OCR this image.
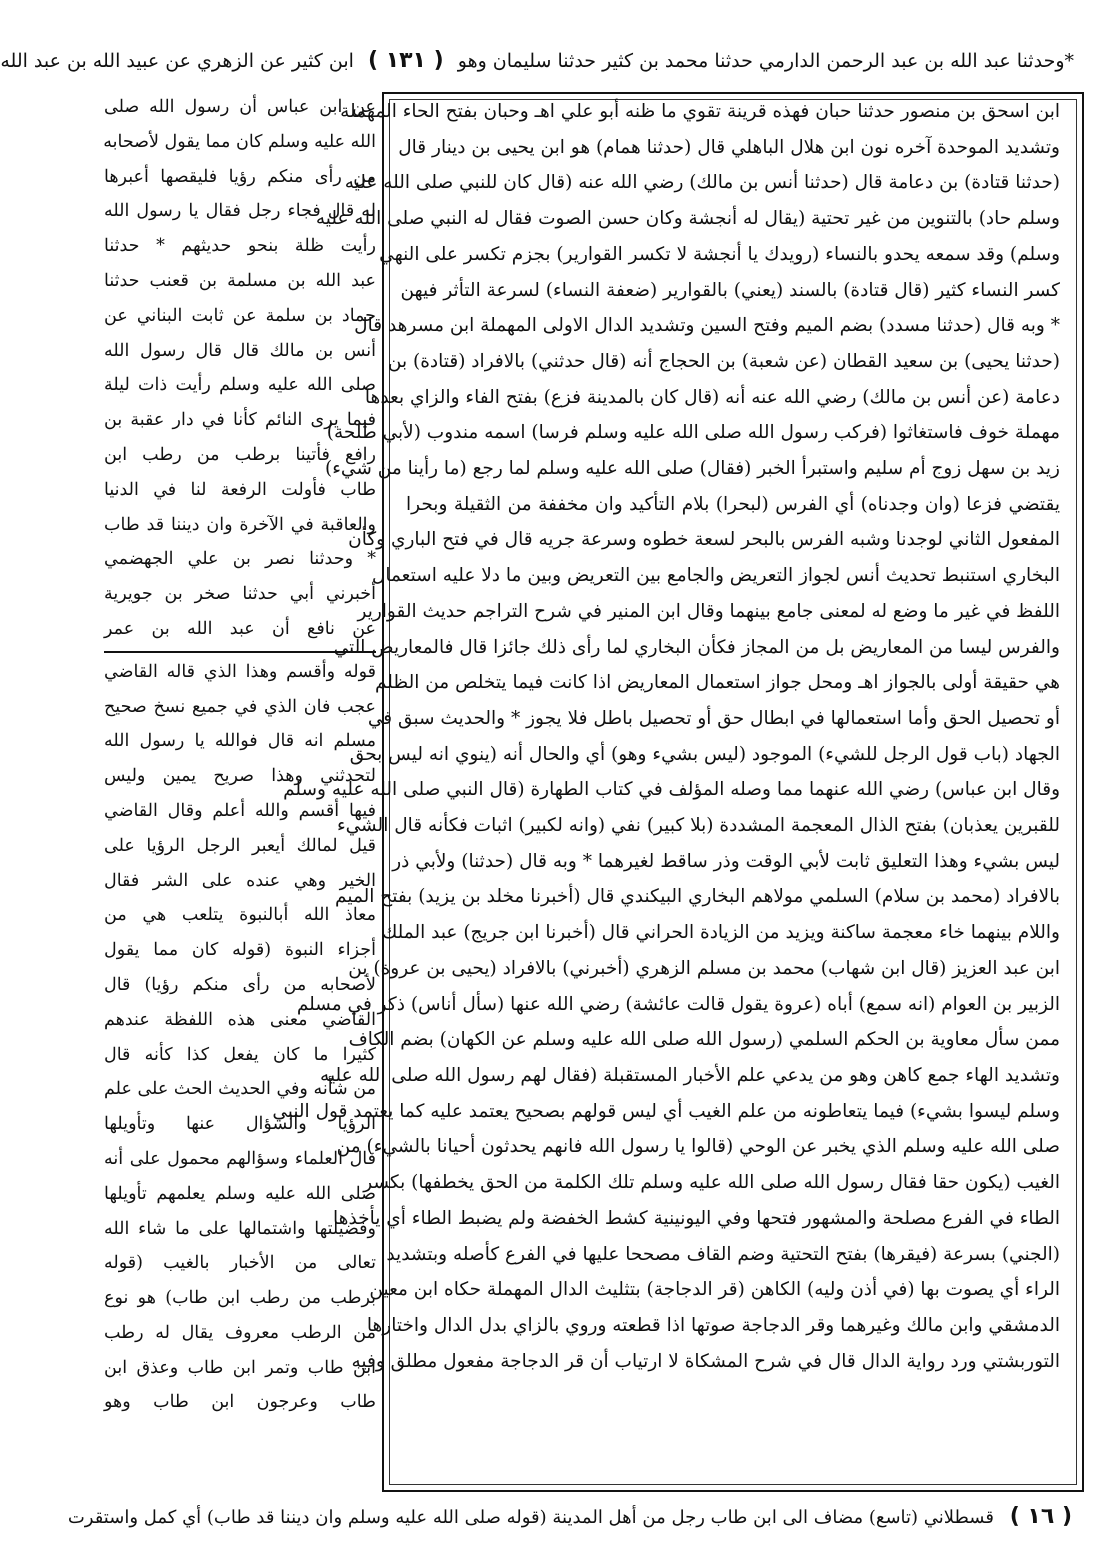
*وحدثنا عبد الله بن عبد الرحمن الدارمي حدثنا محمد بن كثير حدثنا سليمان وهو ( ١٣١ ) ابن كثير عن الزهري عن عبيد الله بن عبد الله
ابن اسحق بن منصور حدثنا حبان فهذه قرينة تقوي ما ظنه أبو علي اهـ وحبان بفتح الحاء المهملة
وتشديد الموحدة آخره نون ابن هلال الباهلي قال (حدثنا همام) هو ابن يحيى بن دينار قال
(حدثنا قتادة) بن دعامة قال (حدثنا أنس بن مالك) رضي الله عنه (قال كان للنبي صلى الله عليه
وسلم حاد) بالتنوين من غير تحتية (يقال له أنجشة وكان حسن الصوت فقال له النبي صلى الله عليه
وسلم) وقد سمعه يحدو بالنساء (رويدك يا أنجشة لا تكسر القوارير) بجزم تكسر على النهي
كسر النساء كثير (قال قتادة) بالسند (يعني) بالقوارير (ضعفة النساء) لسرعة التأثر فيهن
* وبه قال (حدثنا مسدد) بضم الميم وفتح السين وتشديد الدال الاولى المهملة ابن مسرهد قال
(حدثنا يحيى) بن سعيد القطان (عن شعبة) بن الحجاج أنه (قال حدثني) بالافراد (قتادة) بن
دعامة (عن أنس بن مالك) رضي الله عنه أنه (قال كان بالمدينة فزع) بفتح الفاء والزاي بعدها
مهملة خوف فاستغاثوا (فركب رسول الله صلى الله عليه وسلم فرسا) اسمه مندوب (لأبي طلحة)
زيد بن سهل زوج أم سليم واستبرأ الخبر (فقال) صلى الله عليه وسلم لما رجع (ما رأينا من شيء)
يقتضي فزعا (وان وجدناه) أي الفرس (لبحرا) بلام التأكيد وان مخففة من الثقيلة وبحرا
المفعول الثاني لوجدنا وشبه الفرس بالبحر لسعة خطوه وسرعة جريه قال في فتح الباري وكأن
البخاري استنبط تحديث أنس لجواز التعريض والجامع بين التعريض وبين ما دلا عليه استعمال
اللفظ في غير ما وضع له لمعنى جامع بينهما وقال ابن المنير في شرح التراجم حديث القوارير
والفرس ليسا من المعاريض بل من المجاز فكأن البخاري لما رأى ذلك جائزا قال فالمعاريض التي
هي حقيقة أولى بالجواز اهـ ومحل جواز استعمال المعاريض اذا كانت فيما يتخلص من الظلم
أو تحصيل الحق وأما استعمالها في ابطال حق أو تحصيل باطل فلا يجوز * والحديث سبق في
الجهاد (باب قول الرجل للشيء) الموجود (ليس بشيء وهو) أي والحال أنه (ينوي انه ليس بحق
وقال ابن عباس) رضي الله عنهما مما وصله المؤلف في كتاب الطهارة (قال النبي صلى الله عليه وسلم
للقبرين يعذبان) بفتح الذال المعجمة المشددة (بلا كبير) نفي (وانه لكبير) اثبات فكأنه قال الشيء
ليس بشيء وهذا التعليق ثابت لأبي الوقت وذر ساقط لغيرهما * وبه قال (حدثنا) ولأبي ذر
بالافراد (محمد بن سلام) السلمي مولاهم البخاري البيكندي قال (أخبرنا مخلد بن يزيد) بفتح الميم
واللام بينهما خاء معجمة ساكنة ويزيد من الزيادة الحراني قال (أخبرنا ابن جريج) عبد الملك
ابن عبد العزيز (قال ابن شهاب) محمد بن مسلم الزهري (أخبرني) بالافراد (يحيى بن عروة) بن
الزبير بن العوام (انه سمع) أباه (عروة يقول قالت عائشة) رضي الله عنها (سأل أناس) ذكر في مسلم
ممن سأل معاوية بن الحكم السلمي (رسول الله صلى الله عليه وسلم عن الكهان) بضم الكاف
وتشديد الهاء جمع كاهن وهو من يدعي علم الأخبار المستقبلة (فقال لهم رسول الله صلى الله عليه
وسلم ليسوا بشيء) فيما يتعاطونه من علم الغيب أي ليس قولهم بصحيح يعتمد عليه كما يعتمد قول النبي
صلى الله عليه وسلم الذي يخبر عن الوحي (قالوا يا رسول الله فانهم يحدثون أحيانا بالشيء) من
الغيب (يكون حقا فقال رسول الله صلى الله عليه وسلم تلك الكلمة من الحق يخطفها) بكسر
الطاء في الفرع مصلحة والمشهور فتحها وفي اليونينية كشط الخفضة ولم يضبط الطاء أي يأخذها
(الجني) بسرعة (فيقرها) بفتح التحتية وضم القاف مصححا عليها في الفرع كأصله وبتشديد
الراء أي يصوت بها (في أذن وليه) الكاهن (قر الدجاجة) بتثليث الدال المهملة حكاه ابن معين
الدمشقي وابن مالك وغيرهما وقر الدجاجة صوتها اذا قطعته وروي بالزاي بدل الدال واختارها
التوربشتي ورد رواية الدال قال في شرح المشكاة لا ارتياب أن قر الدجاجة مفعول مطلق وفيه
عن ابن عباس أن رسول الله صلى
الله عليه وسلم كان مما يقول لأصحابه
من رأى منكم رؤيا فليقصها أعبرها
له قال فجاء رجل فقال يا رسول الله
رأيت ظلة بنحو حديثهم * حدثنا
عبد الله بن مسلمة بن قعنب حدثنا
حماد بن سلمة عن ثابت البناني عن
أنس بن مالك قال قال رسول الله
صلى الله عليه وسلم رأيت ذات ليلة
فيما يرى النائم كأنا في دار عقبة بن
رافع فأتينا برطب من رطب ابن
طاب فأولت الرفعة لنا في الدنيا
والعاقبة في الآخرة وان ديننا قد طاب
* وحدثنا نصر بن علي الجهضمي
أخبرني أبي حدثنا صخر بن جويرية
عن نافع أن عبد الله بن عمر
قوله وأقسم وهذا الذي قاله القاضي
عجب فان الذي في جميع نسخ صحيح
مسلم انه قال فوالله يا رسول الله
لتحدثني وهذا صريح يمين وليس
فيها أقسم والله أعلم وقال القاضي
قيل لمالك أيعبر الرجل الرؤيا على
الخير وهي عنده على الشر فقال
معاذ الله أبالنبوة يتلعب هي من
أجزاء النبوة (قوله كان مما يقول
لأصحابه من رأى منكم رؤيا) قال
القاضي معنى هذه اللفظة عندهم
كثيرا ما كان يفعل كذا كأنه قال
من شأنه وفي الحديث الحث على علم
الرؤيا والسؤال عنها وتأويلها
قال العلماء وسؤالهم محمول على أنه
صلى الله عليه وسلم يعلمهم تأويلها
وفضيلتها واشتمالها على ما شاء الله
تعالى من الأخبار بالغيب (قوله
برطب من رطب ابن طاب) هو نوع
من الرطب معروف يقال له رطب
ابن طاب وتمر ابن طاب وعذق ابن
طاب وعرجون ابن طاب وهو
( ١٦ ) قسطلاني (تاسع) مضاف الى ابن طاب رجل من أهل المدينة (قوله صلى الله عليه وسلم وان ديننا قد طاب) أي كمل واستقرت
